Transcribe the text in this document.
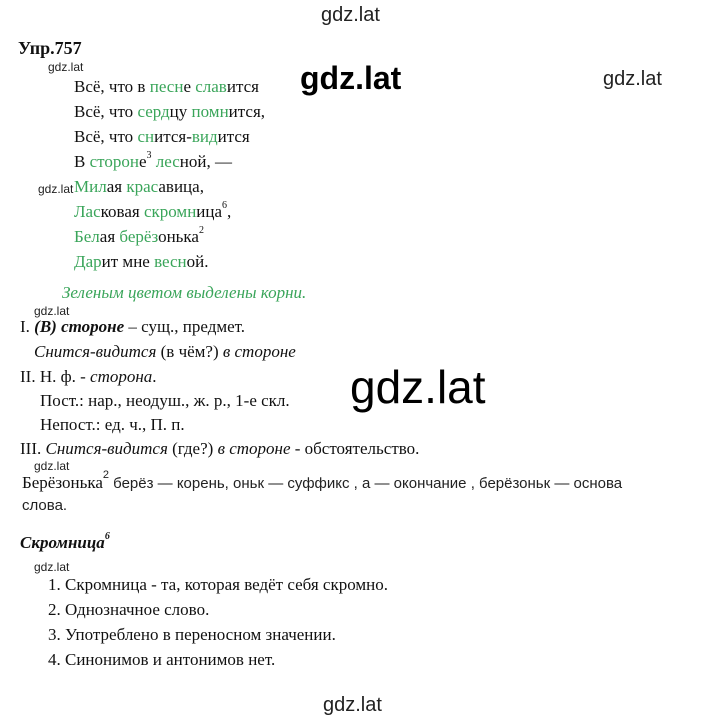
gdz.lat
gdz.lat	gdz.lat	gdz.lat
gdz.lat
gdz.lat
gdz.lat
gdz.lat
gdz.lat
gdz.lat
Упр.757
Всё, что в песне славится
Всё, что сердцу помнится,
Всё, что снится-видится
В стороне$^3$ лесной, —
Милая красавица,
Ласковая скромница$^6$,
Белая берёзонька$^2$
Дарит мне весной.
Зеленым цветом выделены корни.
I. (В) стороне – сущ., предмет.
Снится-видится (в чём?) в стороне
II. Н. ф. - сторона.
Пост.: нар., неодуш., ж. р., 1-е скл.
Непост.: ед. ч., П. п.
III. Снится-видится (где?) в стороне - обстоятельство.
Берёзонька$^2$ берёз — корень, оньк — суффикс , а — окончание , берёзоньк — основа
слова.
Скромница$^6$
1. Скромница - та, которая ведёт себя скромно.
2. Однозначное слово.
3. Употреблено в переносном значении.
4. Синонимов и антонимов нет.
